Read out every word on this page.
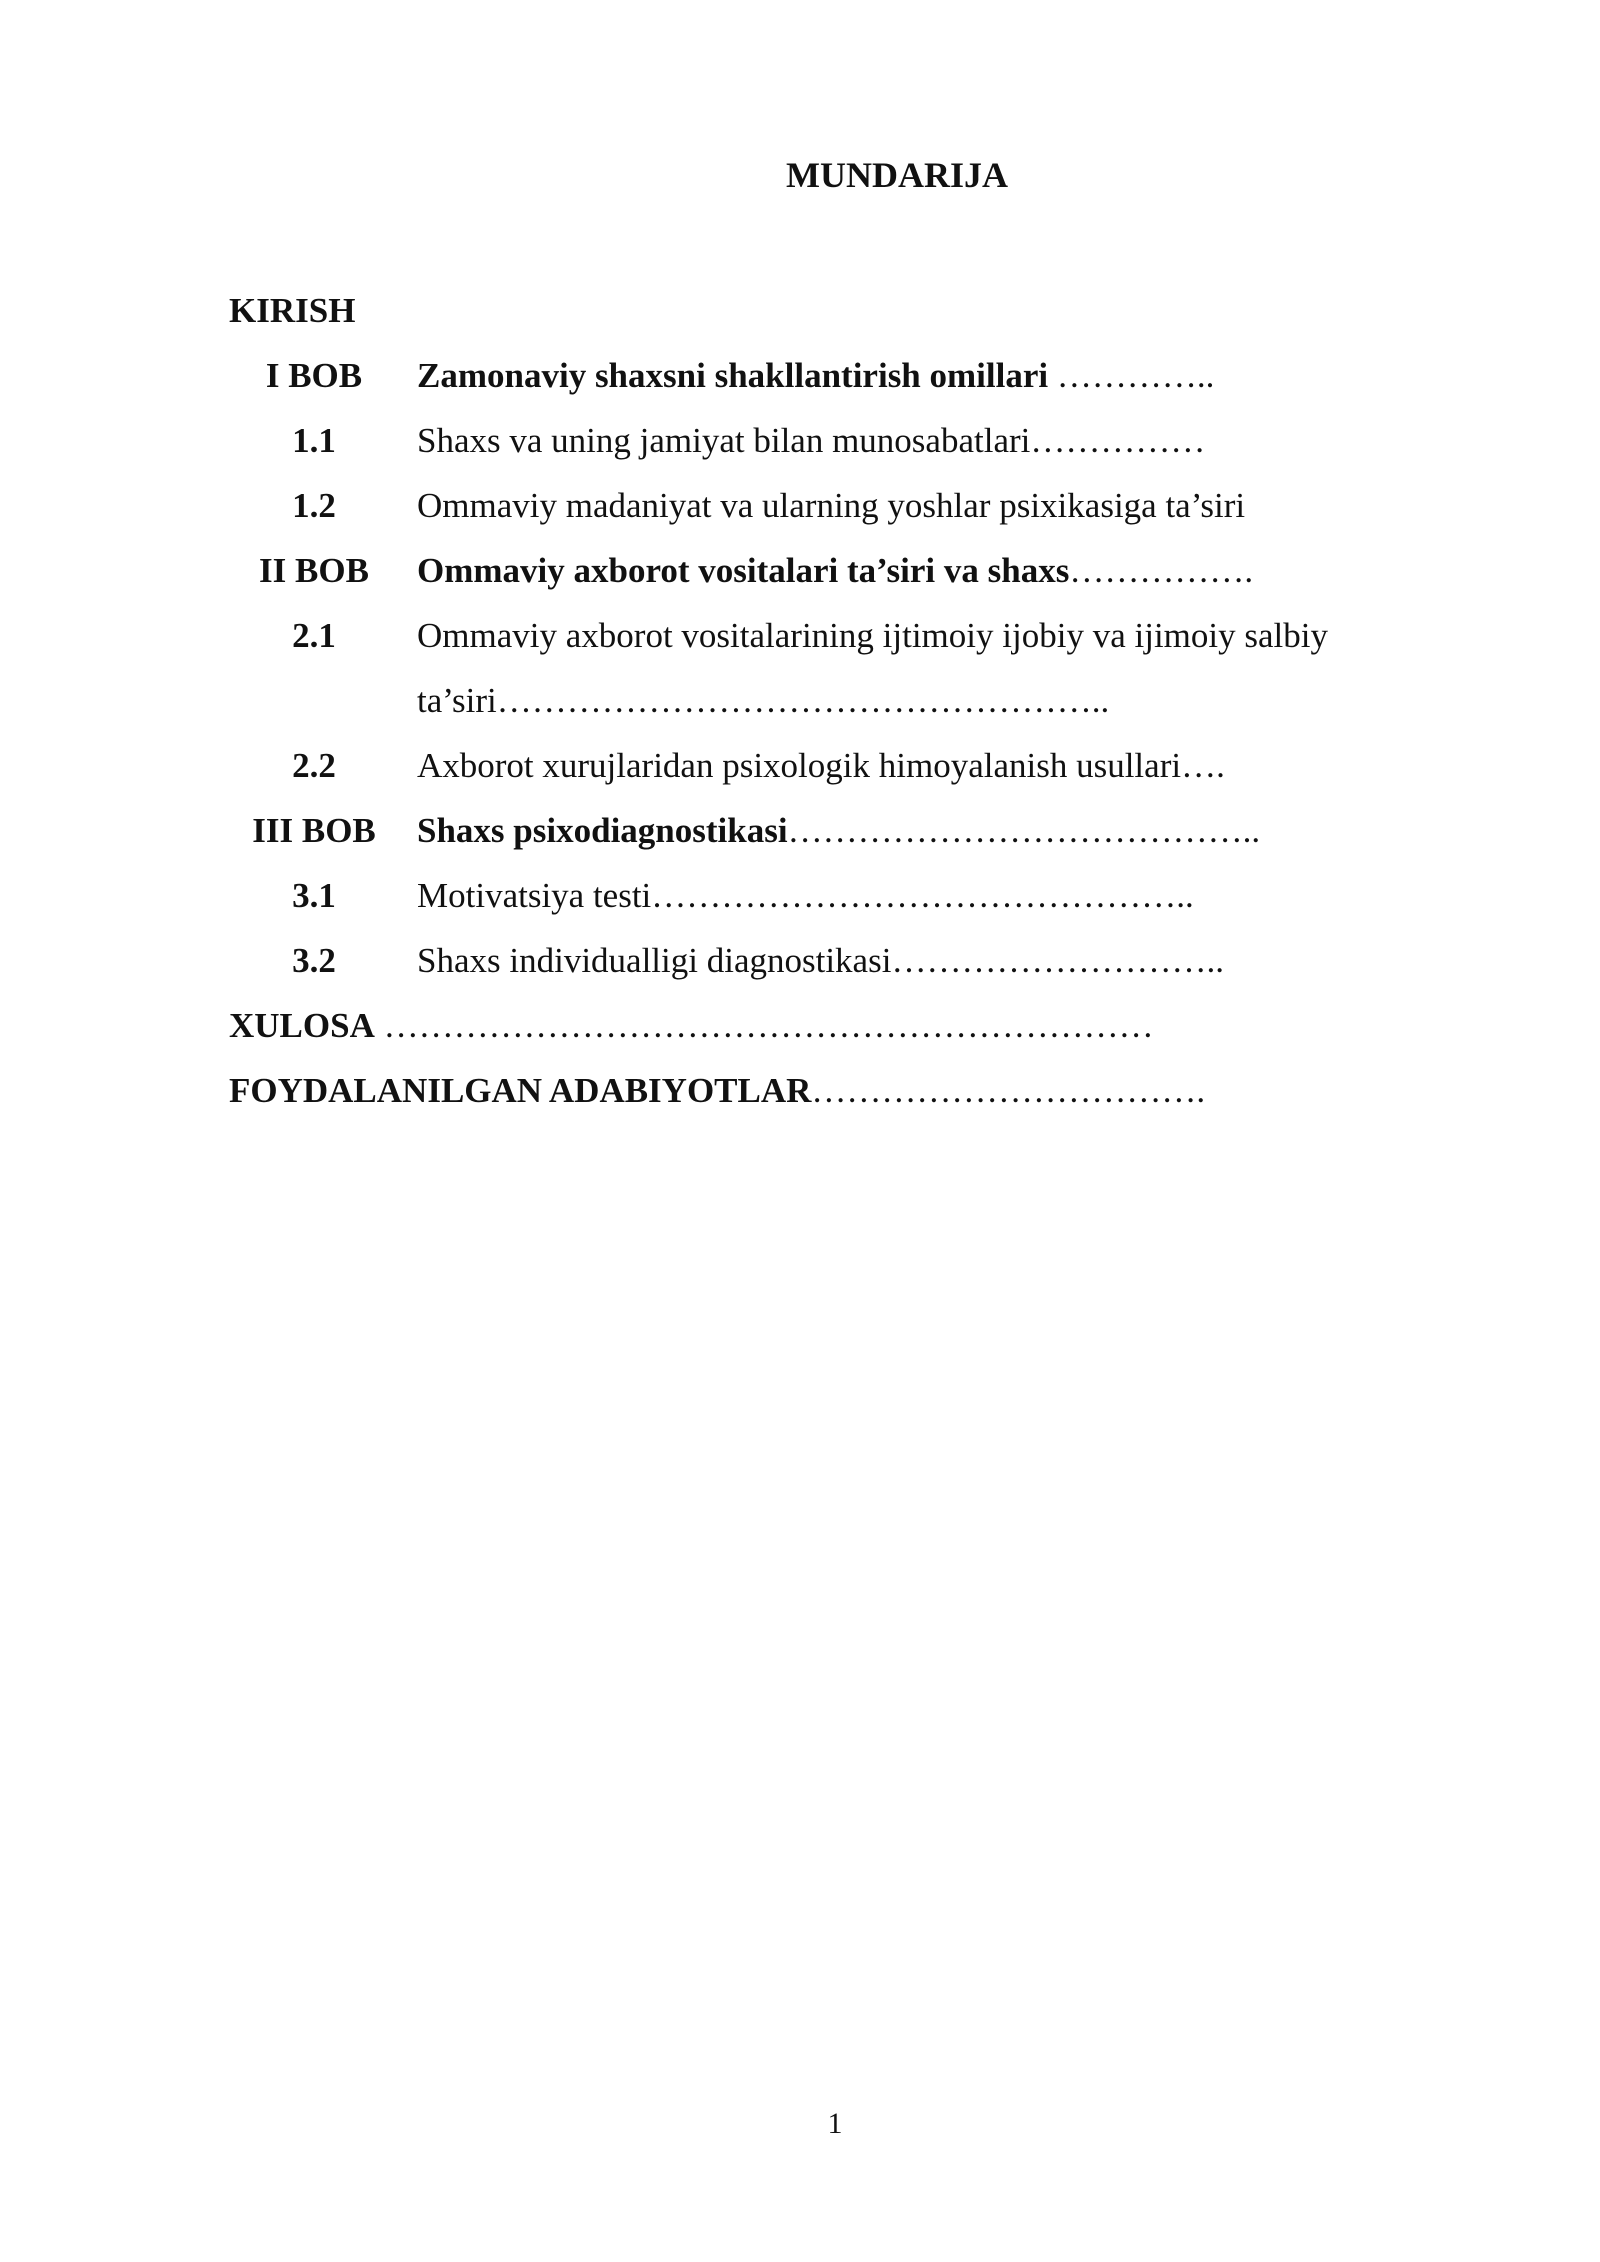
MUNDARIJA
KIRISH
I BOB	Zamonaviy shaxsni shakllantirish omillari …………..
1.1	Shaxs va uning jamiyat bilan munosabatlari……………
1.2	Ommaviy madaniyat va ularning yoshlar psixikasiga ta’siri
II BOB	Ommaviy axborot vositalari ta’siri va shaxs…………….
2.1	Ommaviy axborot vositalarining ijtimoiy ijobiy va ijimoiy salbiy ta’siri……………………………………………..
2.2	Axborot xurujlaridan psixologik himoyalanish usullari….
III BOB	Shaxs psixodiagnostikasi…………………………………..
3.1	Motivatsiya testi………………………………………..
3.2	Shaxs individualligi diagnostikasi………………………..
XULOSA …………………………………………………………
FOYDALANILGAN ADABIYOTLAR…………………………….
1
